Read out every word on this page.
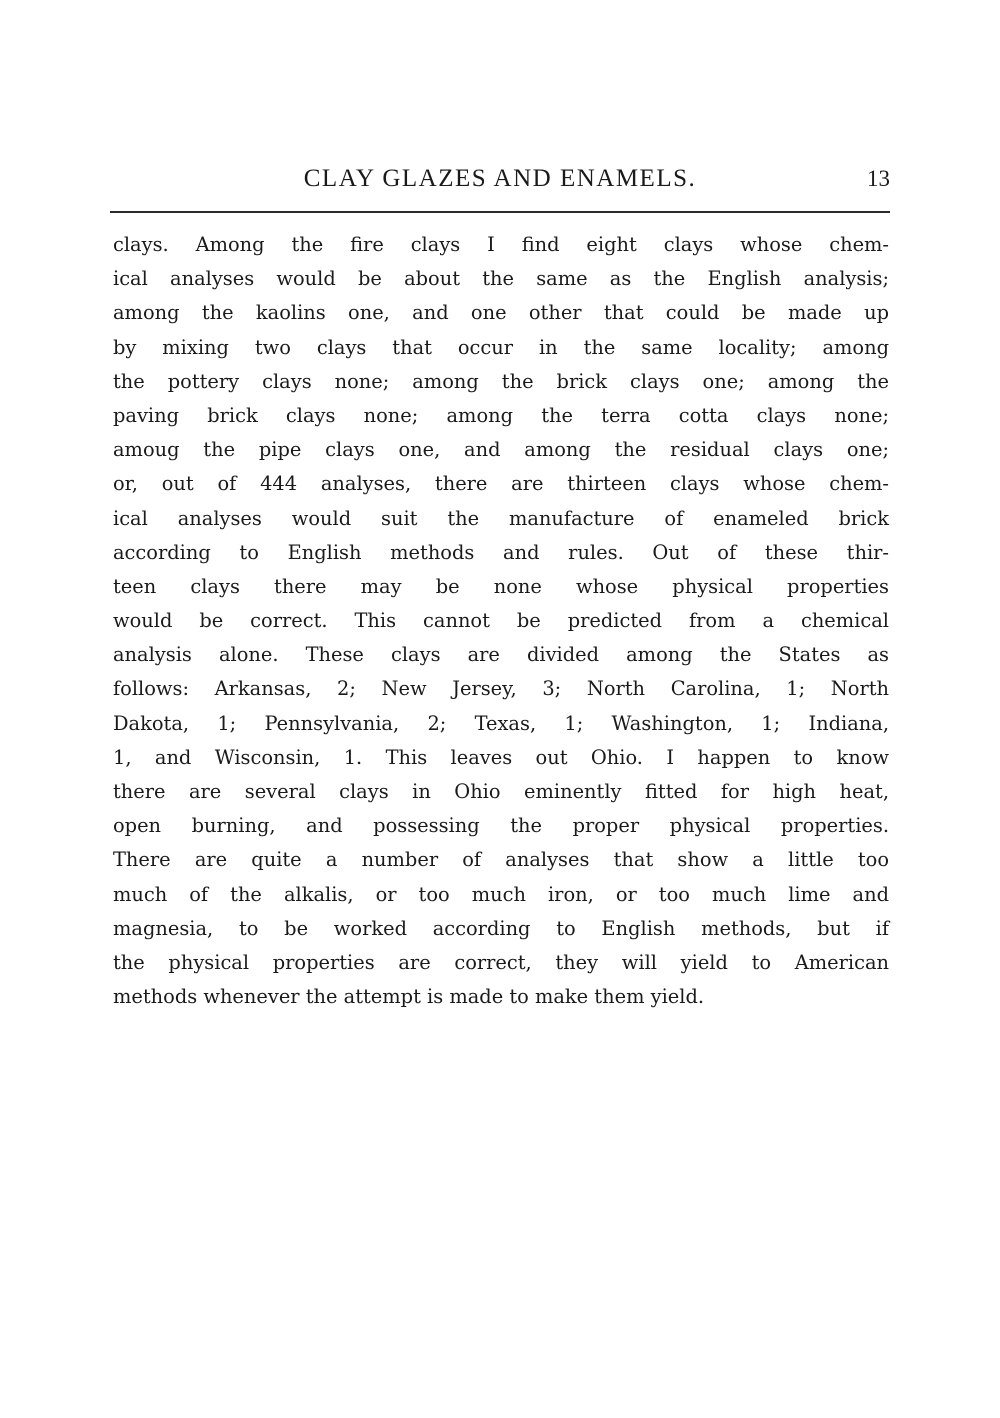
CLAY GLAZES AND ENAMELS.	13
clays. Among the fire clays I find eight clays whose chem-
ical analyses would be about the same as the English analysis;
among the kaolins one, and one other that could be made up
by mixing two clays that occur in the same locality; among
the pottery clays none; among the brick clays one; among the
paving brick clays none; among the terra cotta clays none;
amoug the pipe clays one, and among the residual clays one;
or, out of 444 analyses, there are thirteen clays whose chem-
ical analyses would suit the manufacture of enameled brick
according to English methods and rules. Out of these thir-
teen clays there may be none whose physical properties
would be correct. This cannot be predicted from a chemical
analysis alone. These clays are divided among the States as
follows: Arkansas, 2; New Jersey, 3; North Carolina, 1; North
Dakota, 1; Pennsylvania, 2; Texas, 1; Washington, 1; Indiana,
1, and Wisconsin, 1. This leaves out Ohio. I happen to know
there are several clays in Ohio eminently fitted for high heat,
open burning, and possessing the proper physical properties.
There are quite a number of analyses that show a little too
much of the alkalis, or too much iron, or too much lime and
magnesia, to be worked according to English methods, but if
the physical properties are correct, they will yield to American
methods whenever the attempt is made to make them yield.
